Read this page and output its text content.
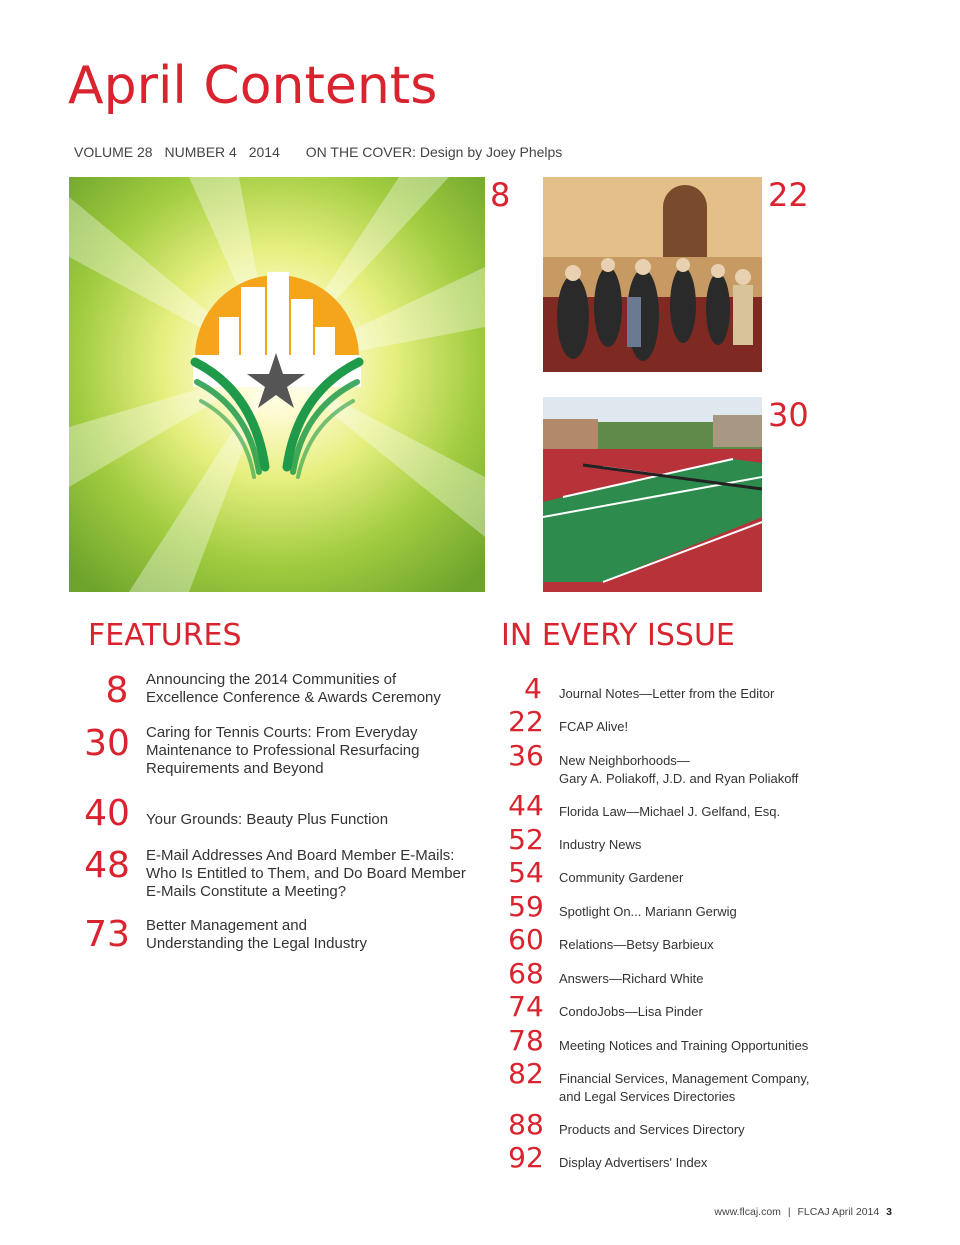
April Contents
VOLUME 28 NUMBER 4 2014 ON THE COVER: Design by Joey Phelps
8	22
30
FEATURES
8	Announcing the 2014 Communities of
Excellence Conference & Awards Ceremony
30	Caring for Tennis Courts: From Everyday
Maintenance to Professional Resurfacing
Requirements and Beyond
40	Your Grounds: Beauty Plus Function
48	E-Mail Addresses And Board Member E-Mails:
Who Is Entitled to Them, and Do Board Member
E-Mails Constitute a Meeting?
73	Better Management and
Understanding the Legal Industry
IN EVERY ISSUE
4	Journal Notes—Letter from the Editor
22	FCAP Alive!
36	New Neighborhoods—
Gary A. Poliakoff, J.D. and Ryan Poliakoff
44	Florida Law—Michael J. Gelfand, Esq.
52	Industry News
54	Community Gardener
59	Spotlight On... Mariann Gerwig
60	Relations—Betsy Barbieux
68	Answers—Richard White
74	CondoJobs—Lisa Pinder
78	Meeting Notices and Training Opportunities
82	Financial Services, Management Company,
and Legal Services Directories
88	Products and Services Directory
92	Display Advertisers' Index
www.flcaj.com | FLCAJ April 2014 3
